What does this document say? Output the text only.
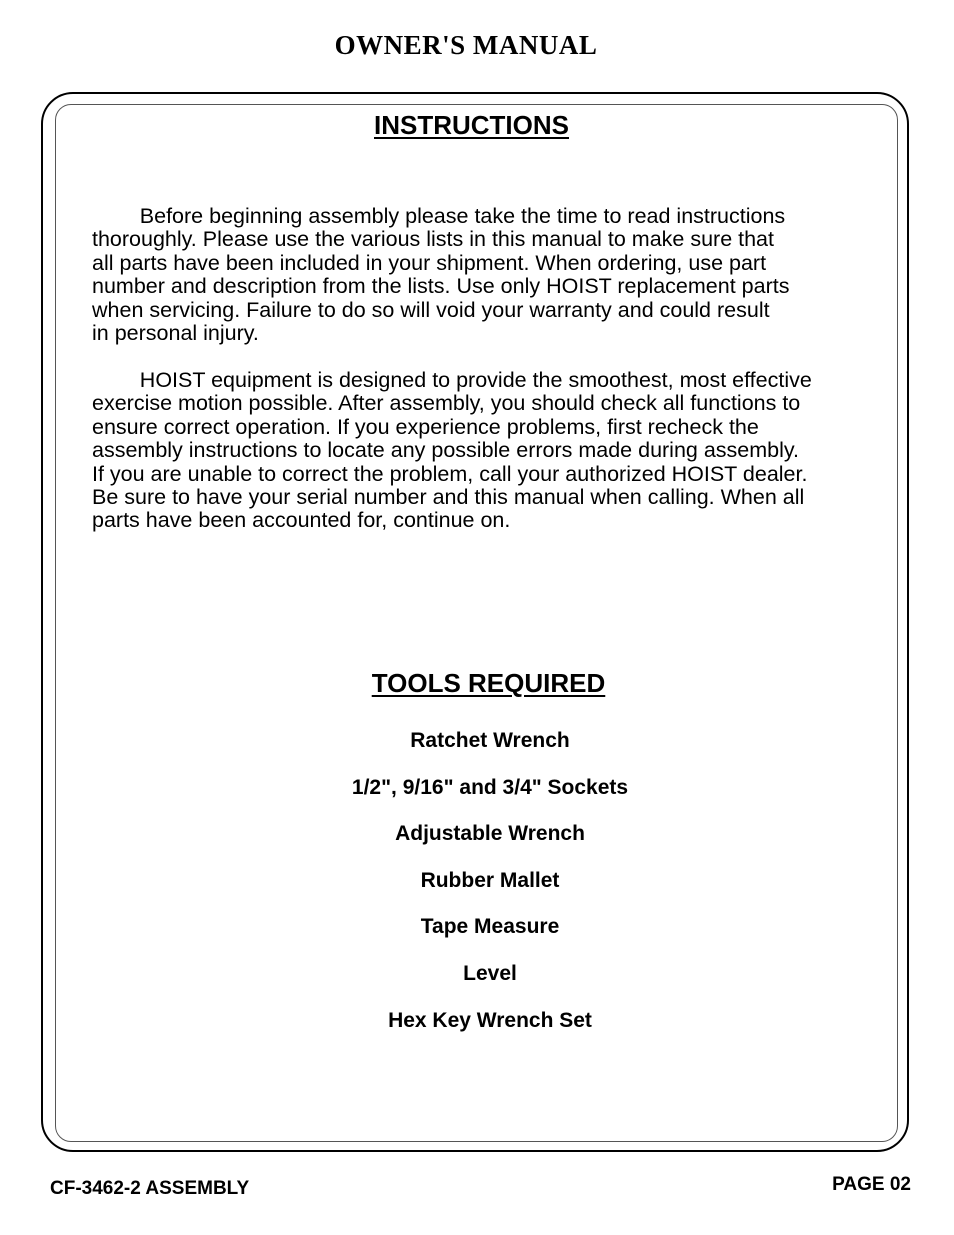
OWNER'S MANUAL
INSTRUCTIONS

Before beginning assembly please take the time to read instructions
thoroughly. Please use the various lists in this manual to make sure that
all parts have been included in your shipment. When ordering, use part
number and description from the lists. Use only HOIST replacement parts
when servicing. Failure to do so will void your warranty and could result
in personal injury.

HOIST equipment is designed to provide the smoothest, most effective
exercise motion possible. After assembly, you should check all functions to
ensure correct operation. If you experience problems, first recheck the
assembly instructions to locate any possible errors made during assembly.
If you are unable to correct the problem, call your authorized HOIST dealer.
Be sure to have your serial number and this manual when calling. When all
parts have been accounted for, continue on.

TOOLS REQUIRED
Ratchet Wrench
1/2", 9/16" and 3/4" Sockets
Adjustable Wrench
Rubber Mallet
Tape Measure
Level
Hex Key Wrench Set
CF-3462-2 ASSEMBLY	PAGE 02
